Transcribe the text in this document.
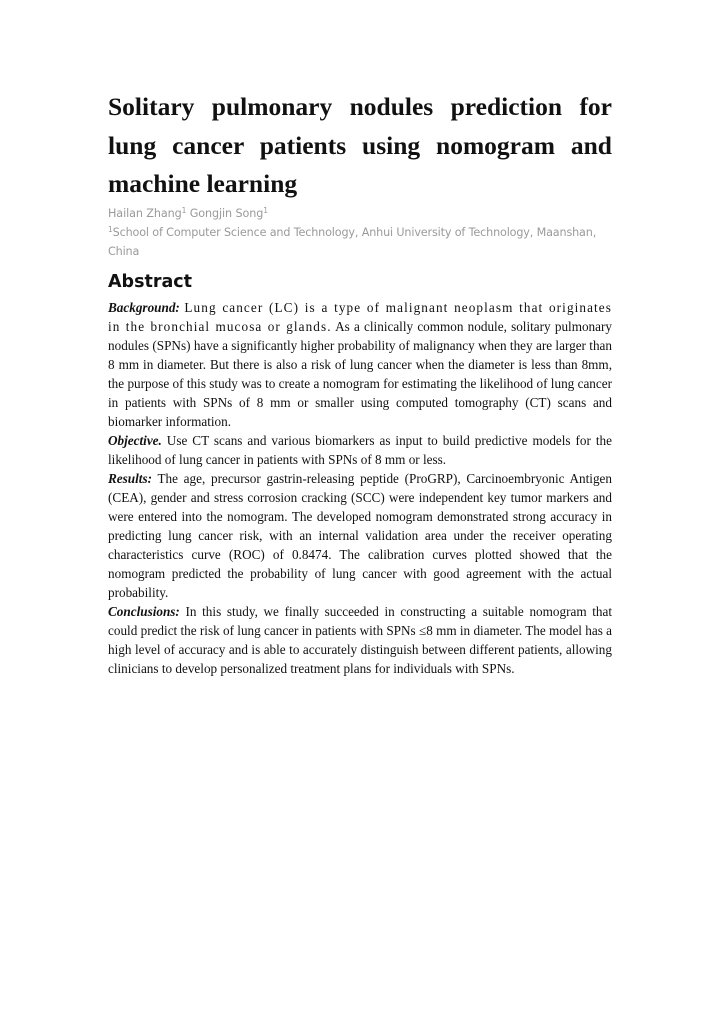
Solitary pulmonary nodules prediction for lung cancer patients using nomogram and machine learning
Hailan Zhang$^1$ Gongjin Song$^1$
$^1$School of Computer Science and Technology, Anhui University of Technology, Maanshan, China
Abstract

Background: Lung cancer (LC) is a type of malignant neoplasm that originates in the bronchial mucosa or glands. As a clinically common nodule, solitary pulmonary nodules (SPNs) have a significantly higher probability of malignancy when they are larger than 8 mm in diameter. But there is also a risk of lung cancer when the diameter is less than 8mm, the purpose of this study was to create a nomogram for estimating the likelihood of lung cancer in patients with SPNs of 8 mm or smaller using computed tomography (CT) scans and biomarker information.

Objective. Use CT scans and various biomarkers as input to build predictive models for the likelihood of lung cancer in patients with SPNs of 8 mm or less.

Results: The age, precursor gastrin-releasing peptide (ProGRP), Carcinoembryonic Antigen (CEA), gender and stress corrosion cracking (SCC) were independent key tumor markers and were entered into the nomogram. The developed nomogram demonstrated strong accuracy in predicting lung cancer risk, with an internal validation area under the receiver operating characteristics curve (ROC) of 0.8474. The calibration curves plotted showed that the nomogram predicted the probability of lung cancer with good agreement with the actual probability.

Conclusions: In this study, we finally succeeded in constructing a suitable nomogram that could predict the risk of lung cancer in patients with SPNs ≤8 mm in diameter. The model has a high level of accuracy and is able to accurately distinguish between different patients, allowing clinicians to develop personalized treatment plans for individuals with SPNs.
